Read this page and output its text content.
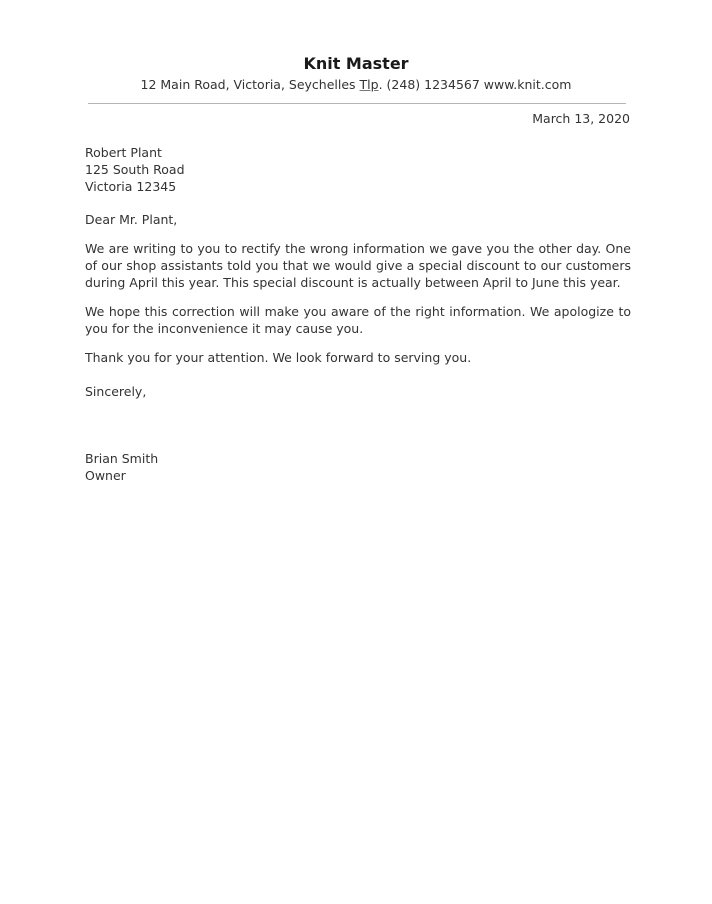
Knit Master
12 Main Road, Victoria, Seychelles Tlp. (248) 1234567 www.knit.com
March 13, 2020
Robert Plant
125 South Road
Victoria 12345
Dear Mr. Plant,
We are writing to you to rectify the wrong information we gave you the other day. One of our shop assistants told you that we would give a special discount to our customers during April this year. This special discount is actually between April to June this year.
We hope this correction will make you aware of the right information. We apologize to you for the inconvenience it may cause you.
Thank you for your attention. We look forward to serving you.
Sincerely,
Brian Smith
Owner
